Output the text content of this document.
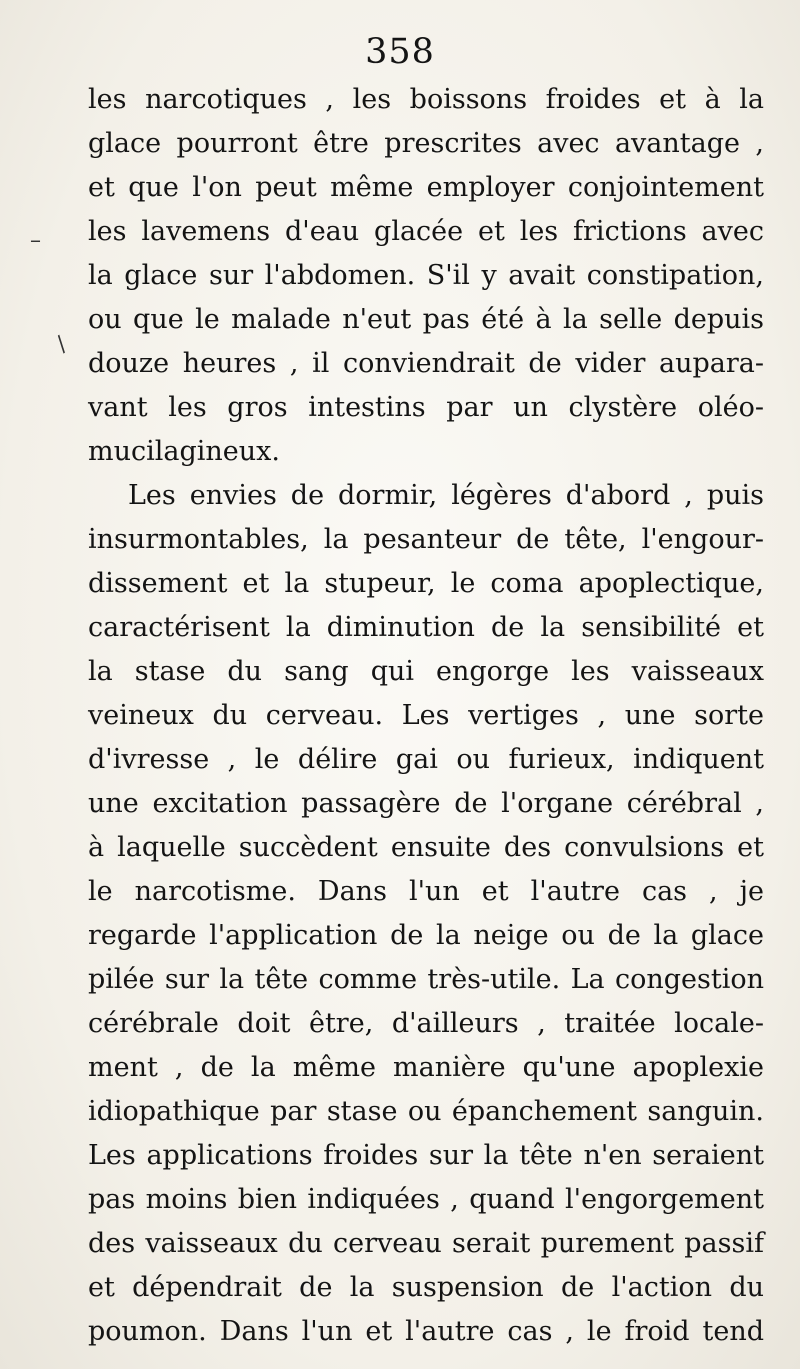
358
les narcotiques , les boissons froides et à la
glace pourront être prescrites avec avantage ,
et que l'on peut même employer conjointement
les lavemens d'eau glacée et les frictions avec
la glace sur l'abdomen. S'il y avait constipation,
ou que le malade n'eut pas été à la selle depuis
douze heures , il conviendrait de vider aupara-
vant les gros intestins par un clystère oléo-
mucilagineux.
Les envies de dormir, légères d'abord , puis
insurmontables, la pesanteur de tête, l'engour-
dissement et la stupeur, le coma apoplectique,
caractérisent la diminution de la sensibilité et
la stase du sang qui engorge les vaisseaux
veineux du cerveau. Les vertiges , une sorte
d'ivresse , le délire gai ou furieux, indiquent
une excitation passagère de l'organe cérébral ,
à laquelle succèdent ensuite des convulsions et
le narcotisme. Dans l'un et l'autre cas , je
regarde l'application de la neige ou de la glace
pilée sur la tête comme très-utile. La congestion
cérébrale doit être, d'ailleurs , traitée locale-
ment , de la même manière qu'une apoplexie
idiopathique par stase ou épanchement sanguin.
Les applications froides sur la tête n'en seraient
pas moins bien indiquées , quand l'engorgement
des vaisseaux du cerveau serait purement passif
et dépendrait de la suspension de l'action du
poumon. Dans l'un et l'autre cas , le froid tend
–
/
